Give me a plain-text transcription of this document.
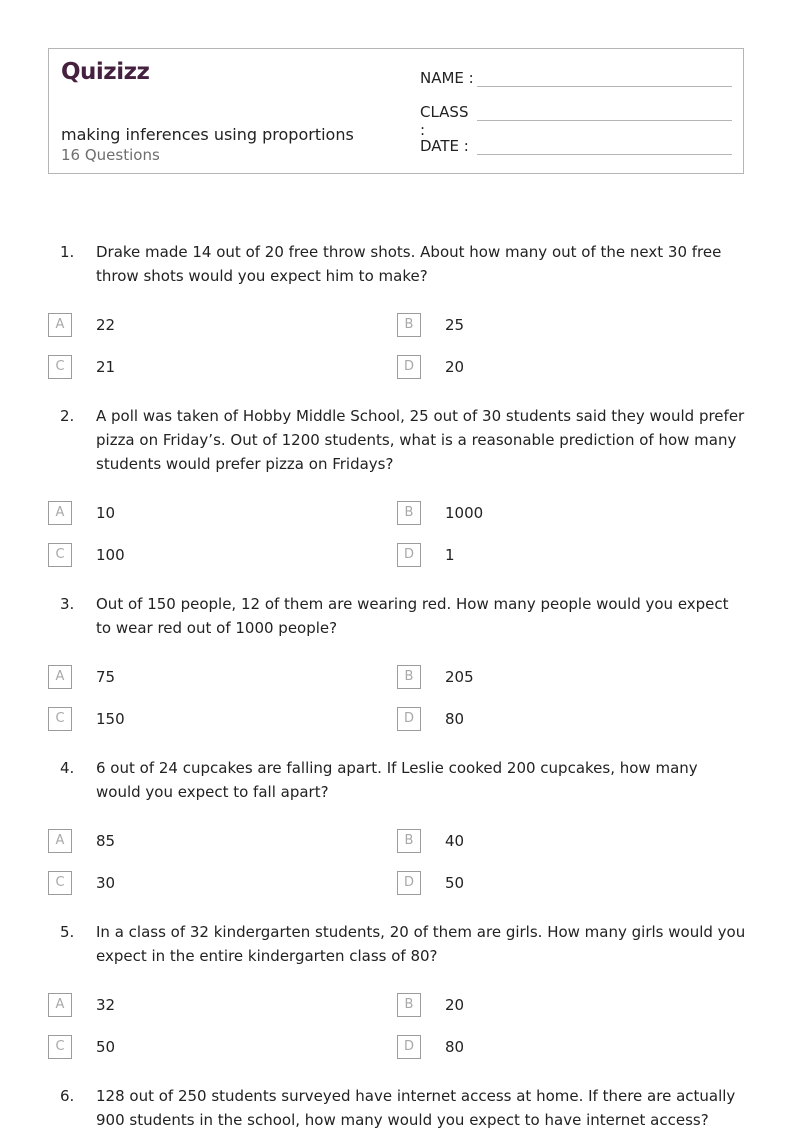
Quizizz
making inferences using proportions
16 Questions
NAME :
CLASS :
DATE :
1. Drake made 14 out of 20 free throw shots. About how many out of the next 30 free throw shots would you expect him to make?
A	22	B	25
C	21	D	20
2. A poll was taken of Hobby Middle School, 25 out of 30 students said they would prefer pizza on Friday’s. Out of 1200 students, what is a reasonable prediction of how many students would prefer pizza on Fridays?
A	10	B	1000
C	100	D	1
3. Out of 150 people, 12 of them are wearing red. How many people would you expect to wear red out of 1000 people?
A	75	B	205
C	150	D	80
4. 6 out of 24 cupcakes are falling apart. If Leslie cooked 200 cupcakes, how many would you expect to fall apart?
A	85	B	40
C	30	D	50
5. In a class of 32 kindergarten students, 20 of them are girls. How many girls would you expect in the entire kindergarten class of 80?
A	32	B	20
C	50	D	80
6. 128 out of 250 students surveyed have internet access at home. If there are actually 900 students in the school, how many would you expect to have internet access?
